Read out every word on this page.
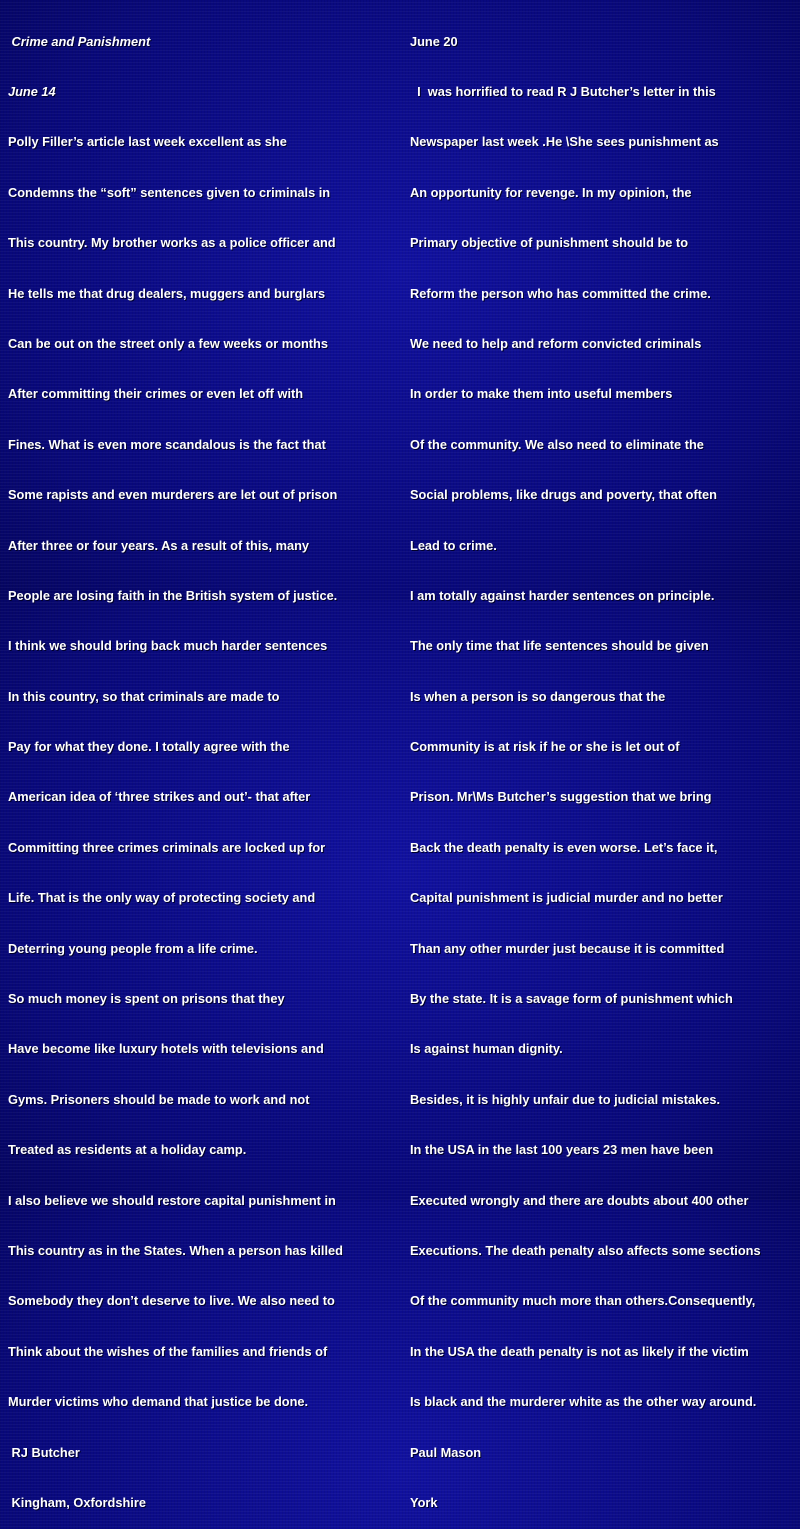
Crime and Panishment

June 14

Polly Filler’s article last week excellent as she

Condemns the “soft” sentences given to criminals in

This country. My brother works as a police officer and

He tells me that drug dealers, muggers and burglars

Can be out on the street only a few weeks or months

After committing their crimes or even let off with

Fines. What is even more scandalous is the fact that

Some rapists and even murderers are let out of prison

After three or four years. As a result of this, many

People are losing faith in the British system of justice.

I think we should bring back much harder sentences

In this country, so that criminals are made to

Pay for what they done. I totally agree with the

American idea of ‘three strikes and out’- that after

Committing three crimes criminals are locked up for

Life. That is the only way of protecting society and

Deterring young people from a life crime.

So much money is spent on prisons that they

Have become like luxury hotels with televisions and

Gyms. Prisoners should be made to work and not

Treated as residents at a holiday camp.

I also believe we should restore capital punishment in

This country as in the States. When a person has killed

Somebody they don’t deserve to live. We also need to

Think about the wishes of the families and friends of

Murder victims who demand that justice be done.

RJ Butcher

Kingham, Oxfordshire

June 20

I  was horrified to read R J Butcher’s letter in this

Newspaper last week .He \She sees punishment as

An opportunity for revenge. In my opinion, the

Primary objective of punishment should be to

Reform the person who has committed the crime.

We need to help and reform convicted criminals

In order to make them into useful members

Of the community. We also need to eliminate the

Social problems, like drugs and poverty, that often

Lead to crime.

I am totally against harder sentences on principle.

The only time that life sentences should be given

Is when a person is so dangerous that the

Community is at risk if he or she is let out of

Prison. Mr\Ms Butcher’s suggestion that we bring

Back the death penalty is even worse. Let’s face it,

Capital punishment is judicial murder and no better

Than any other murder just because it is committed

By the state. It is a savage form of punishment which

Is against human dignity.

Besides, it is highly unfair due to judicial mistakes.

In the USA in the last 100 years 23 men have been

Executed wrongly and there are doubts about 400 other

Executions. The death penalty also affects some sections

Of the community much more than others.Consequently,

In the USA the death penalty is not as likely if the victim

Is black and the murderer white as the other way around.

Paul Mason

York
